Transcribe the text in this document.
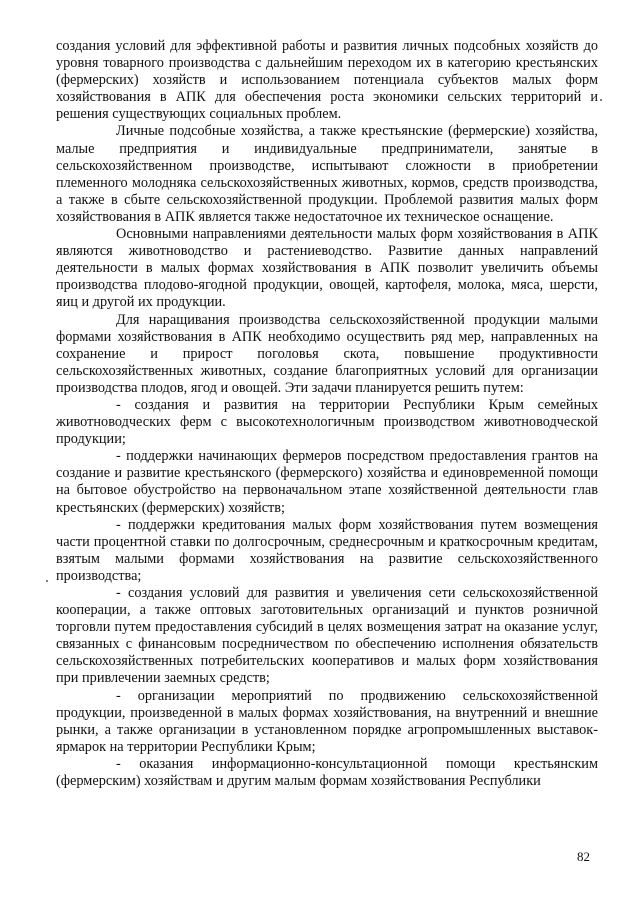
создания условий для эффективной работы и развития личных подсобных хозяйств до уровня товарного производства с дальнейшим переходом их в категорию крестьянских (фермерских) хозяйств и использованием потенциала субъектов малых форм хозяйствования в АПК для обеспечения роста экономики сельских территорий и решения существующих социальных проблем.

Личные подсобные хозяйства, а также крестьянские (фермерские) хозяйства, малые предприятия и индивидуальные предприниматели, занятые в сельскохозяйственном производстве, испытывают сложности в приобретении племенного молодняка сельскохозяйственных животных, кормов, средств производства, а также в сбыте сельскохозяйственной продукции. Проблемой развития малых форм хозяйствования в АПК является также недостаточное их техническое оснащение.

Основными направлениями деятельности малых форм хозяйствования в АПК являются животноводство и растениеводство. Развитие данных направлений деятельности в малых формах хозяйствования в АПК позволит увеличить объемы производства плодово-ягодной продукции, овощей, картофеля, молока, мяса, шерсти, яиц и другой их продукции.

Для наращивания производства сельскохозяйственной продукции малыми формами хозяйствования в АПК необходимо осуществить ряд мер, направленных на сохранение и прирост поголовья скота, повышение продуктивности сельскохозяйственных животных, создание благоприятных условий для организации производства плодов, ягод и овощей. Эти задачи планируется решить путем:

- создания и развития на территории Республики Крым семейных животноводческих ферм с высокотехнологичным производством животноводческой продукции;

- поддержки начинающих фермеров посредством предоставления грантов на создание и развитие крестьянского (фермерского) хозяйства и единовременной помощи на бытовое обустройство на первоначальном этапе хозяйственной деятельности глав крестьянских (фермерских) хозяйств;

- поддержки кредитования малых форм хозяйствования путем возмещения части процентной ставки по долгосрочным, среднесрочным и краткосрочным кредитам, взятым малыми формами хозяйствования на развитие сельскохозяйственного производства;

- создания условий для развития и увеличения сети сельскохозяйственной кооперации, а также оптовых заготовительных организаций и пунктов розничной торговли путем предоставления субсидий в целях возмещения затрат на оказание услуг, связанных с финансовым посредничеством по обеспечению исполнения обязательств сельскохозяйственных потребительских кооперативов и малых форм хозяйствования при привлечении заемных средств;

- организации мероприятий по продвижению сельскохозяйственной продукции, произведенной в малых формах хозяйствования, на внутренний и внешние рынки, а также организации в установленном порядке агропромышленных выставок-ярмарок на территории Республики Крым;

- оказания информационно-консультационной помощи крестьянским (фермерским) хозяйствам и другим малым формам хозяйствования Республики

82
